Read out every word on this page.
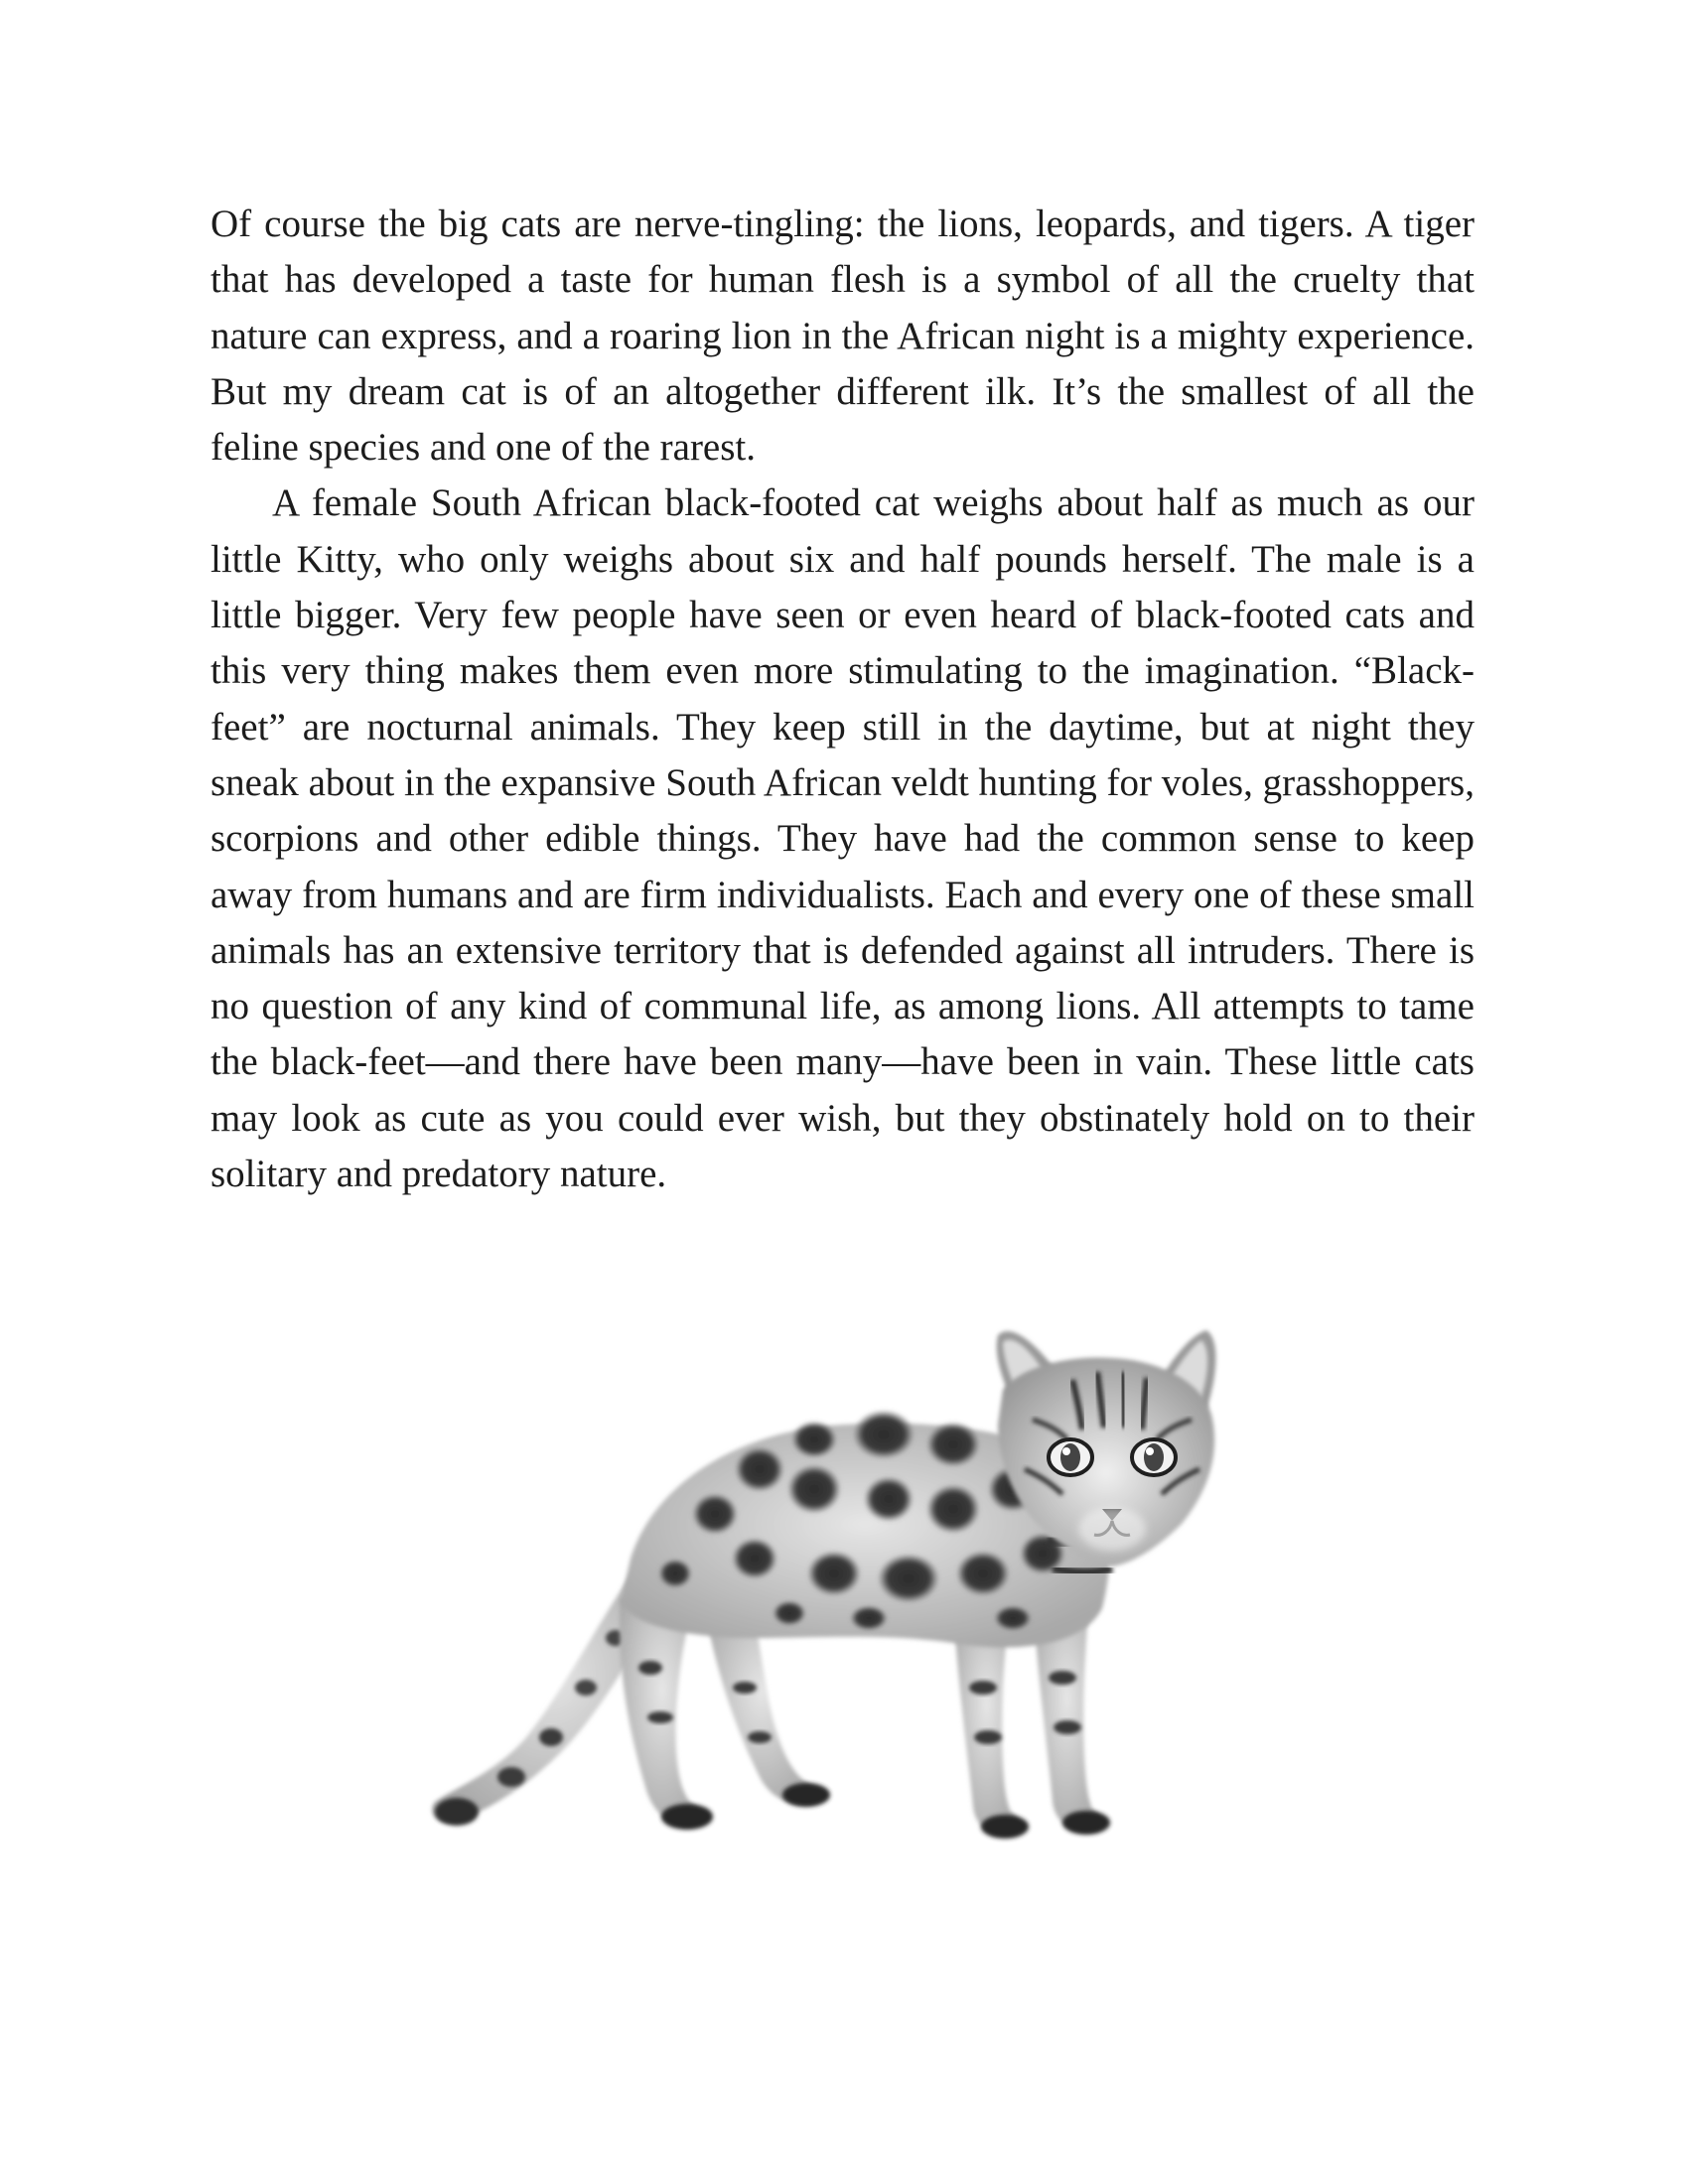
Of course the big cats are nerve-tingling: the lions, leopards, and tigers. A tiger that has developed a taste for human flesh is a symbol of all the cruelty that nature can express, and a roaring lion in the African night is a mighty experience. But my dream cat is of an altogether different ilk. It’s the smallest of all the feline species and one of the rarest.

A female South African black-footed cat weighs about half as much as our little Kitty, who only weighs about six and half pounds herself. The male is a little bigger. Very few people have seen or even heard of black-footed cats and this very thing makes them even more stimulating to the imagination. “Black-feet” are nocturnal animals. They keep still in the daytime, but at night they sneak about in the expansive South African veldt hunting for voles, grasshoppers, scorpions and other edible things. They have had the common sense to keep away from humans and are firm individualists. Each and every one of these small animals has an extensive territory that is defended against all intruders. There is no question of any kind of communal life, as among lions. All attempts to tame the black-feet—and there have been many—have been in vain. These little cats may look as cute as you could ever wish, but they obstinately hold on to their solitary and predatory nature.
